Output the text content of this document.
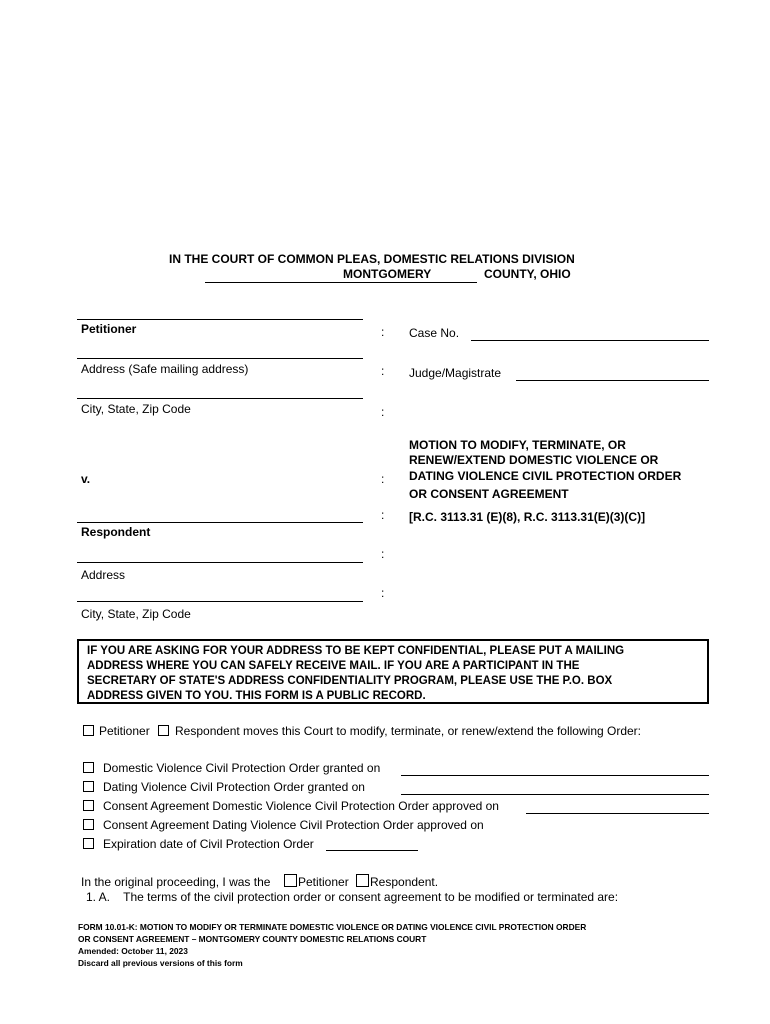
IN THE COURT OF COMMON PLEAS, DOMESTIC RELATIONS DIVISION
MONTGOMERY	COUNTY, OHIO
Petitioner
Address (Safe mailing address)
City, State, Zip Code
v.
Respondent
Address
City, State, Zip Code
:
:
:
:
:
:
:
Case No.
Judge/Magistrate
MOTION TO MODIFY, TERMINATE, OR
RENEW/EXTEND DOMESTIC VIOLENCE OR
DATING VIOLENCE CIVIL PROTECTION ORDER
OR CONSENT AGREEMENT
[R.C. 3113.31 (E)(8), R.C. 3113.31(E)(3)(C)]
IF YOU ARE ASKING FOR YOUR ADDRESS TO BE KEPT CONFIDENTIAL, PLEASE PUT A MAILING
ADDRESS WHERE YOU CAN SAFELY RECEIVE MAIL. IF YOU ARE A PARTICIPANT IN THE
SECRETARY OF STATE'S ADDRESS CONFIDENTIALITY PROGRAM, PLEASE USE THE P.O. BOX
ADDRESS GIVEN TO YOU. THIS FORM IS A PUBLIC RECORD.
Petitioner Respondent moves this Court to modify, terminate, or renew/extend the following Order:
Domestic Violence Civil Protection Order granted on
Dating Violence Civil Protection Order granted on
Consent Agreement Domestic Violence Civil Protection Order approved on
Consent Agreement Dating Violence Civil Protection Order approved on
Expiration date of Civil Protection Order
In the original proceeding, I was the Petitioner Respondent.
1. A.    The terms of the civil protection order or consent agreement to be modified or terminated are:
FORM 10.01-K: MOTION TO MODIFY OR TERMINATE DOMESTIC VIOLENCE OR DATING VIOLENCE CIVIL PROTECTION ORDER
OR CONSENT AGREEMENT – MONTGOMERY COUNTY DOMESTIC RELATIONS COURT
Amended: October 11, 2023
Discard all previous versions of this form
